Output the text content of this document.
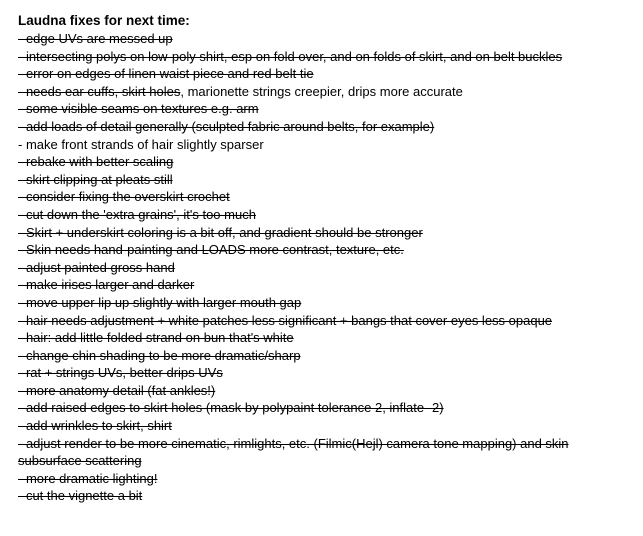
Laudna fixes for next time:
- edge UVs are messed up
- intersecting polys on low-poly shirt, esp on fold over, and on folds of skirt, and on belt buckles
- error on edges of linen waist piece and red belt tie
- needs ear cuffs, skirt holes, marionette strings creepier, drips more accurate
- some visible seams on textures e.g. arm
- add loads of detail generally (sculpted fabric around belts, for example)
- make front strands of hair slightly sparser
- rebake with better scaling
- skirt clipping at pleats still
- consider fixing the overskirt crochet
- cut down the 'extra grains', it's too much
- Skirt + underskirt coloring is a bit off, and gradient should be stronger
- Skin needs hand-painting and LOADS more contrast, texture, etc.
- adjust painted gross hand
- make irises larger and darker
- move upper lip up slightly with larger mouth gap
- hair needs adjustment + white patches less significant + bangs that cover eyes less opaque
- hair: add little folded strand on bun that's white
- change chin shading to be more dramatic/sharp
- rat + strings UVs, better drips UVs
- more anatomy detail (fat ankles!)
- add raised edges to skirt holes (mask by polypaint tolerance 2, inflate -2)
- add wrinkles to skirt, shirt
- adjust render to be more cinematic, rimlights, etc. (Filmic(Hejl) camera tone mapping) and skin subsurface scattering
- more dramatic lighting!
- cut the vignette a bit
